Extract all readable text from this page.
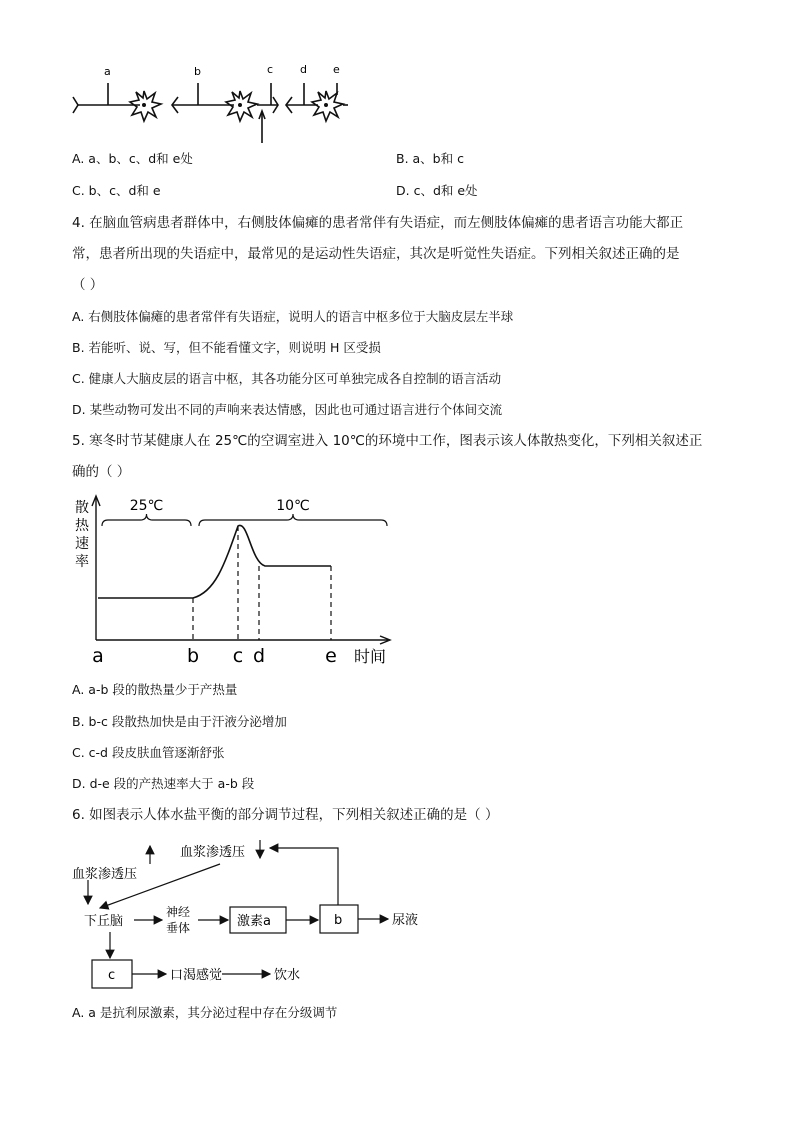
a	b	c d e
A. a、b、c、d和 e处	B. a、b和 c
C. b、c、d和 e	D. c、d和 e处
4. 在脑血管病患者群体中，右侧肢体偏瘫的患者常伴有失语症，而左侧肢体偏瘫的患者语言功能大都正
常，患者所出现的失语症中，最常见的是运动性失语症，其次是听觉性失语症。下列相关叙述正确的是
（ ）
A. 右侧肢体偏瘫的患者常伴有失语症，说明人的语言中枢多位于大脑皮层左半球
B. 若能听、说、写，但不能看懂文字，则说明 H 区受损
C. 健康人大脑皮层的语言中枢，其各功能分区可单独完成各自控制的语言活动
D. 某些动物可发出不同的声响来表达情感，因此也可通过语言进行个体间交流
5. 寒冬时节某健康人在 25℃的空调室进入 10℃的环境中工作，图表示该人体散热变化，下列相关叙述正
确的（ ）
散
热
速
率
a	b c d	e
25℃	10℃
时间
A. a-b 段的散热量少于产热量
B. b-c 段散热加快是由于汗液分泌增加
C. c-d 段皮肤血管逐渐舒张
D. d-e 段的产热速率大于 a-b 段
6. 如图表示人体水盐平衡的部分调节过程，下列相关叙述正确的是（ ）
血浆渗透压
血浆渗透压
下丘脑
神经
垂体	激素a	b	尿液
c	口渴感觉	饮水
A. a 是抗利尿激素，其分泌过程中存在分级调节
